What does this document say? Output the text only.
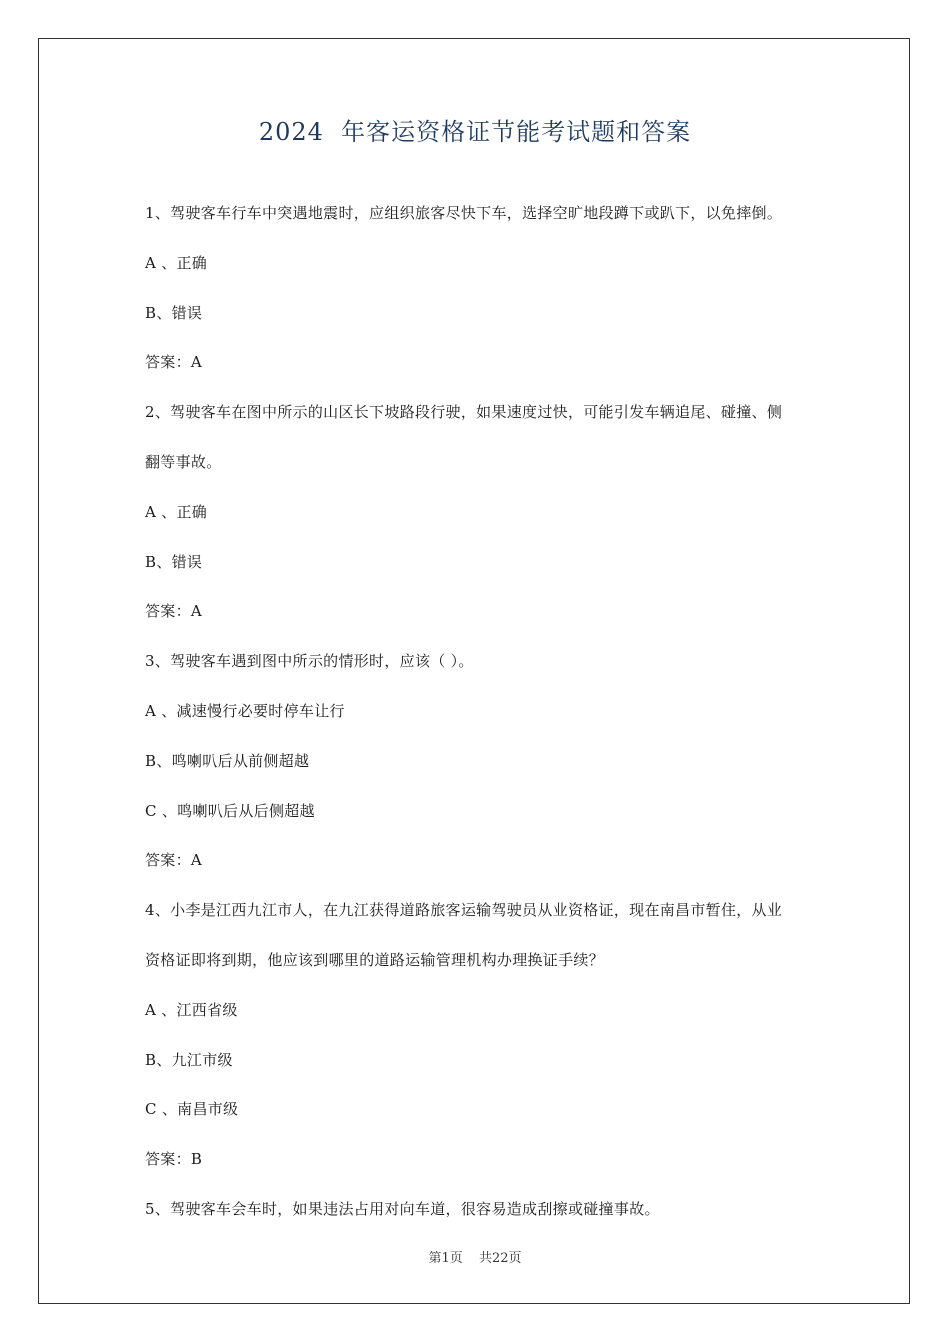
2024  年客运资格证节能考试题和答案
1、驾驶客车行车中突遇地震时，应组织旅客尽快下车，选择空旷地段蹲下或趴下，以免摔倒。
A 、正确
B、错误
答案：A
2、驾驶客车在图中所示的山区长下坡路段行驶，如果速度过快，可能引发车辆追尾、碰撞、侧
翻等事故。
A 、正确
B、错误
答案：A
3、驾驶客车遇到图中所示的情形时，应该（ ）。
A 、减速慢行必要时停车让行
B、鸣喇叭后从前侧超越
C 、鸣喇叭后从后侧超越
答案：A
4、小李是江西九江市人，在九江获得道路旅客运输驾驶员从业资格证，现在南昌市暂住，从业
资格证即将到期，他应该到哪里的道路运输管理机构办理换证手续？
A 、江西省级
B、九江市级
C 、南昌市级
答案：B
5、驾驶客车会车时，如果违法占用对向车道，很容易造成刮擦或碰撞事故。
第1页 共22页
